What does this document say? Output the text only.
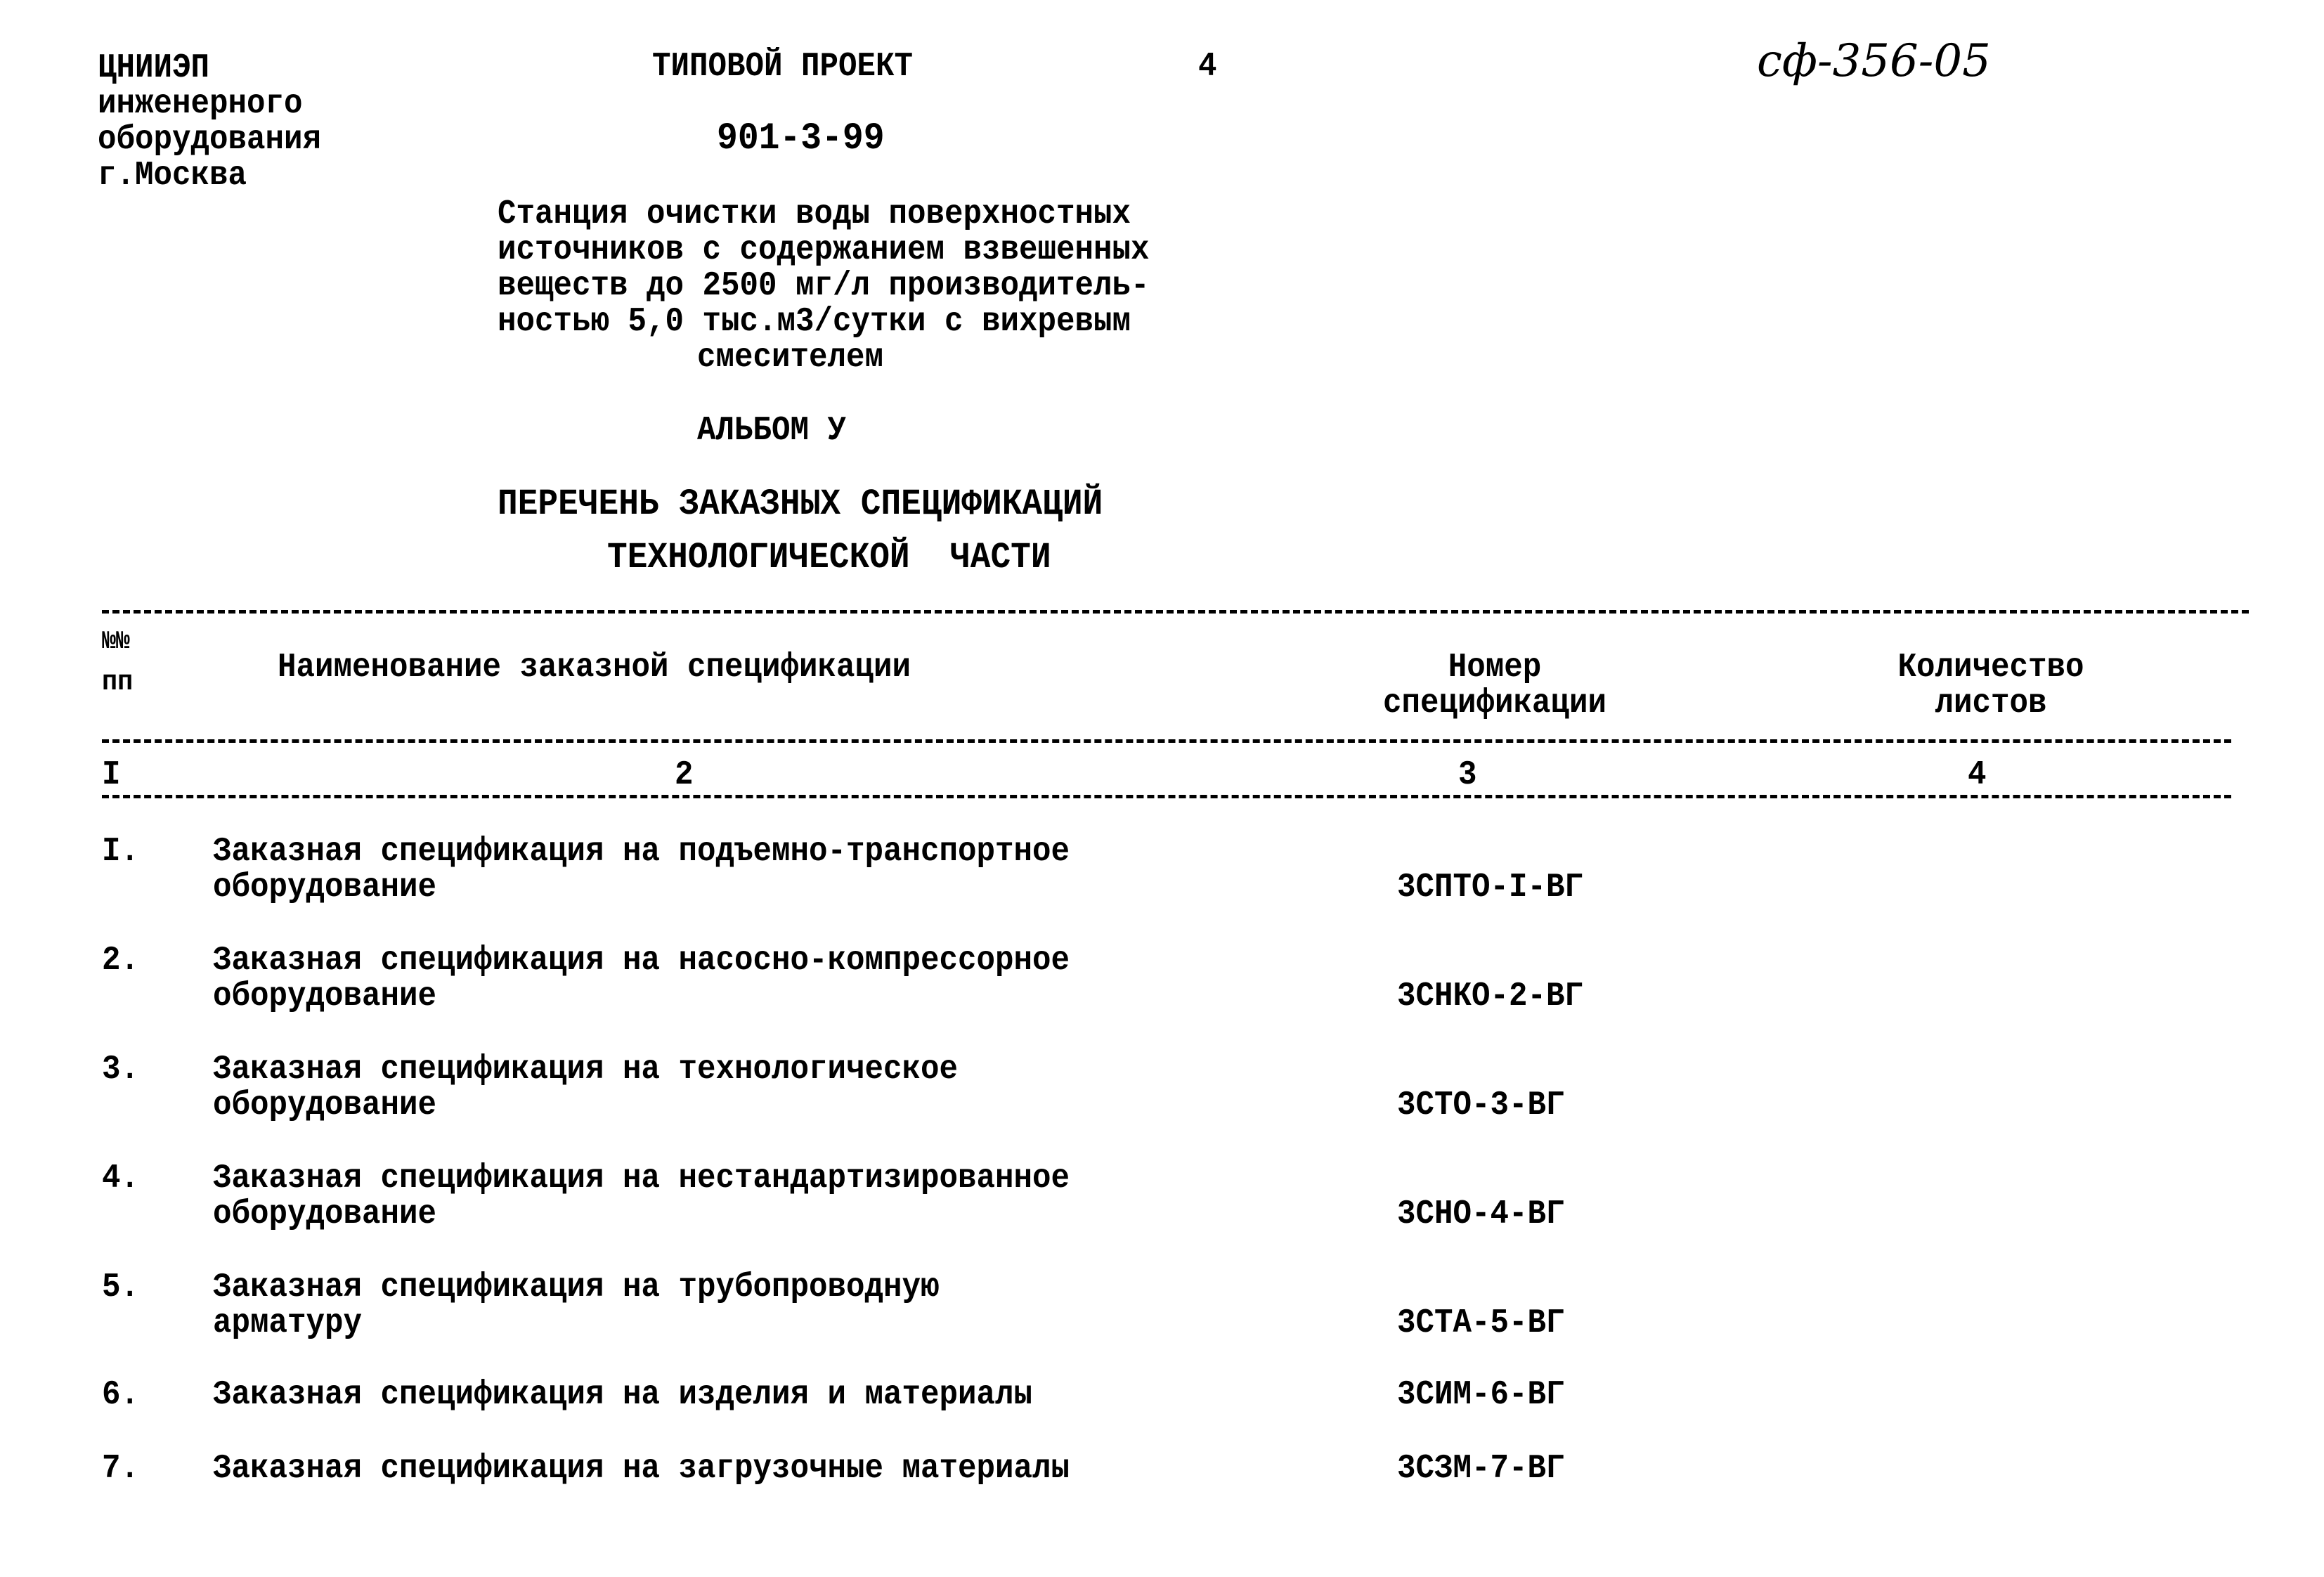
ЦНИИЭП
инженерного
оборудования
г.Москва
ТИПОВОЙ ПРОЕКТ	4
901-3-99
сф-356-05
Станция очистки воды поверхностных
источников с содержанием взвешенных
веществ до 2500 мг/л производитель-
ностью 5,0 тыс.м3/сутки с вихревым
смесителем
АЛЬБОМ У
ПЕРЕЧЕНЬ ЗАКАЗНЫХ СПЕЦИФИКАЦИЙ
ТЕХНОЛОГИЧЕСКОЙ  ЧАСТИ
№№
пп	Наименование заказной спецификации	Номер
спецификации
Количество
листов
I	2	3	4
I. Заказная спецификация на подъемно-транспортное
оборудование	3СПТО-I-ВГ
2. Заказная спецификация на насосно-компрессорное
оборудование	3СНКО-2-ВГ
3. Заказная спецификация на технологическое
оборудование	3СТО-3-ВГ
4. Заказная спецификация на нестандартизированное
оборудование	3СНО-4-ВГ
5. Заказная спецификация на трубопроводную
арматуру	3СТА-5-ВГ
6. Заказная спецификация на изделия и материалы	3СИМ-6-ВГ
7. Заказная спецификация на загрузочные материалы	3СЗМ-7-ВГ
